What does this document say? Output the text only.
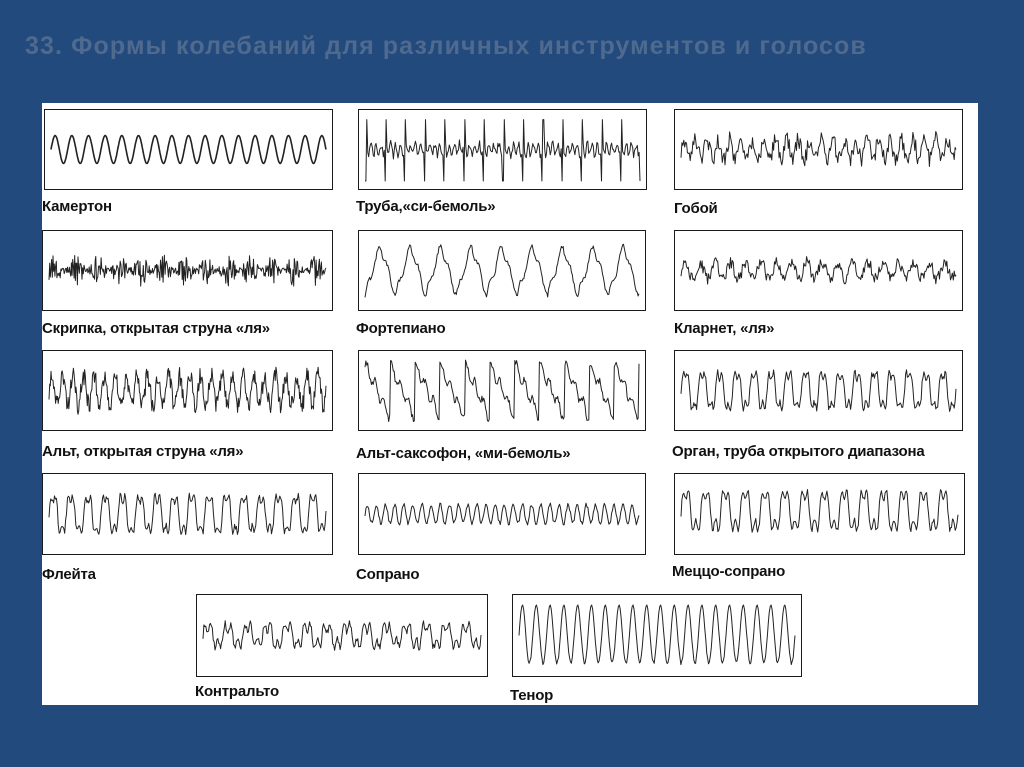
33. Формы колебаний для различных инструментов и голосов
Камертон	Труба,«си-бемоль»	Гобой
Скрипка, открытая струна «ля»	Фортепиано	Кларнет, «ля»
Альт, открытая струна «ля»	Альт-саксофон, «ми-бемоль»	Орган, труба открытого диапазона
Флейта	Сопрано	Меццо-сопрано
Контральто	Тенор
